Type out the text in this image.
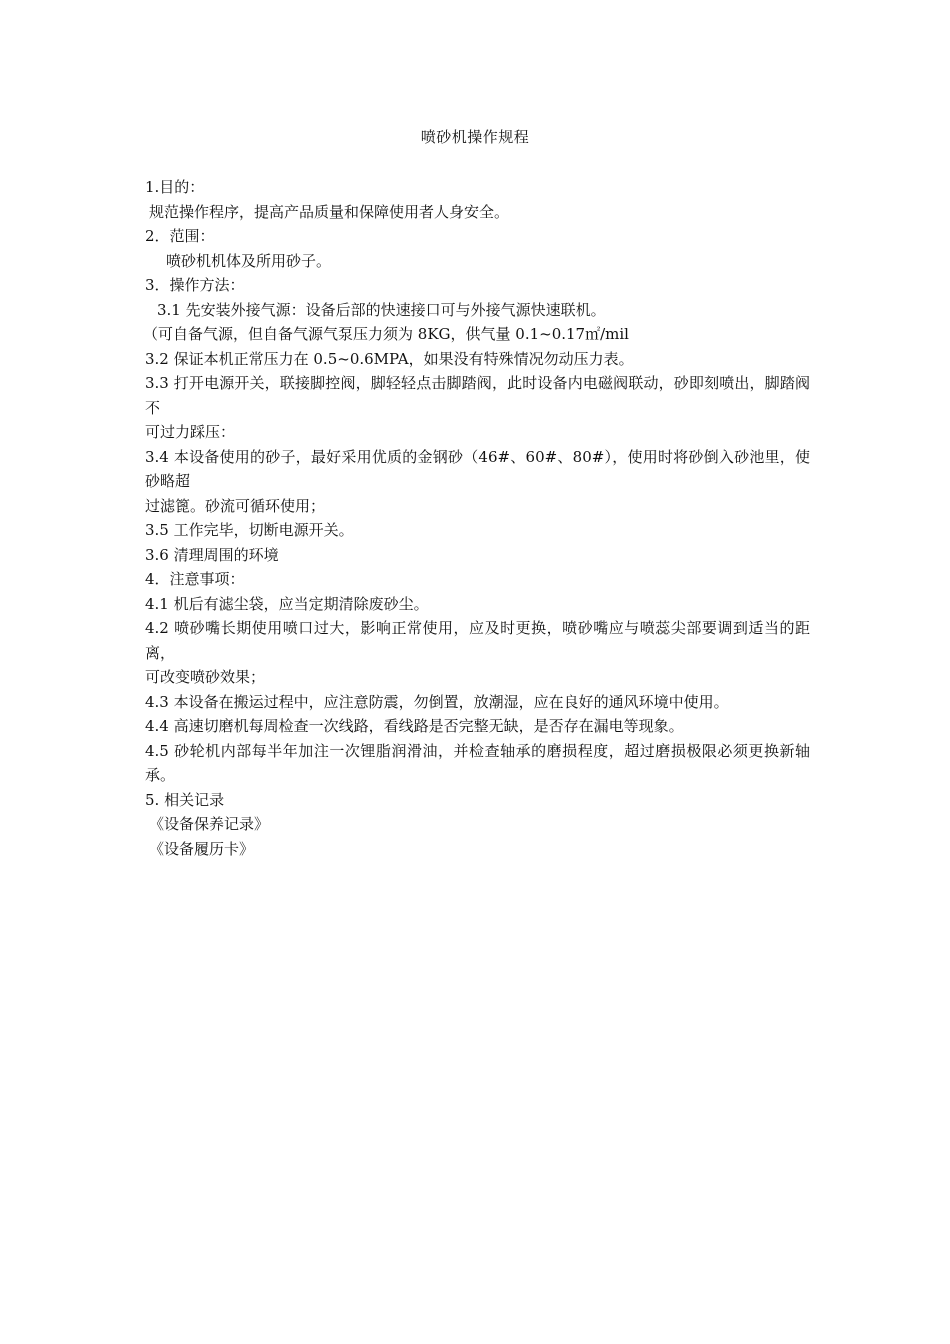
喷砂机操作规程
1.目的：
规范操作程序，提高产品质量和保障使用者人身安全。
2．范围：
喷砂机机体及所用砂子。
3．操作方法：
3.1 先安装外接气源：设备后部的快速接口可与外接气源快速联机。
（可自备气源，但自备气源气泵压力须为 8KG，供气量 0.1~0.17㎡/mil
3.2 保证本机正常压力在 0.5~0.6MPA，如果没有特殊情况勿动压力表。
3.3 打开电源开关，联接脚控阀，脚轻轻点击脚踏阀，此时设备内电磁阀联动，砂即刻喷出，脚踏阀不
可过力踩压：
3.4 本设备使用的砂子，最好采用优质的金钢砂（46#、60#、80#），使用时将砂倒入砂池里，使砂略超
过滤篦。砂流可循环使用；
3.5 工作完毕，切断电源开关。
3.6 清理周围的环境
4．注意事项：
4.1 机后有滤尘袋，应当定期清除废砂尘。
4.2 喷砂嘴长期使用喷口过大，影响正常使用，应及时更换，喷砂嘴应与喷蕊尖部要调到适当的距离，
可改变喷砂效果；
4.3 本设备在搬运过程中，应注意防震，勿倒置，放潮湿，应在良好的通风环境中使用。
4.4 高速切磨机每周检查一次线路，看线路是否完整无缺，是否存在漏电等现象。
4.5 砂轮机内部每半年加注一次锂脂润滑油，并检查轴承的磨损程度，超过磨损极限必须更换新轴承。
5. 相关记录
《设备保养记录》
《设备履历卡》
